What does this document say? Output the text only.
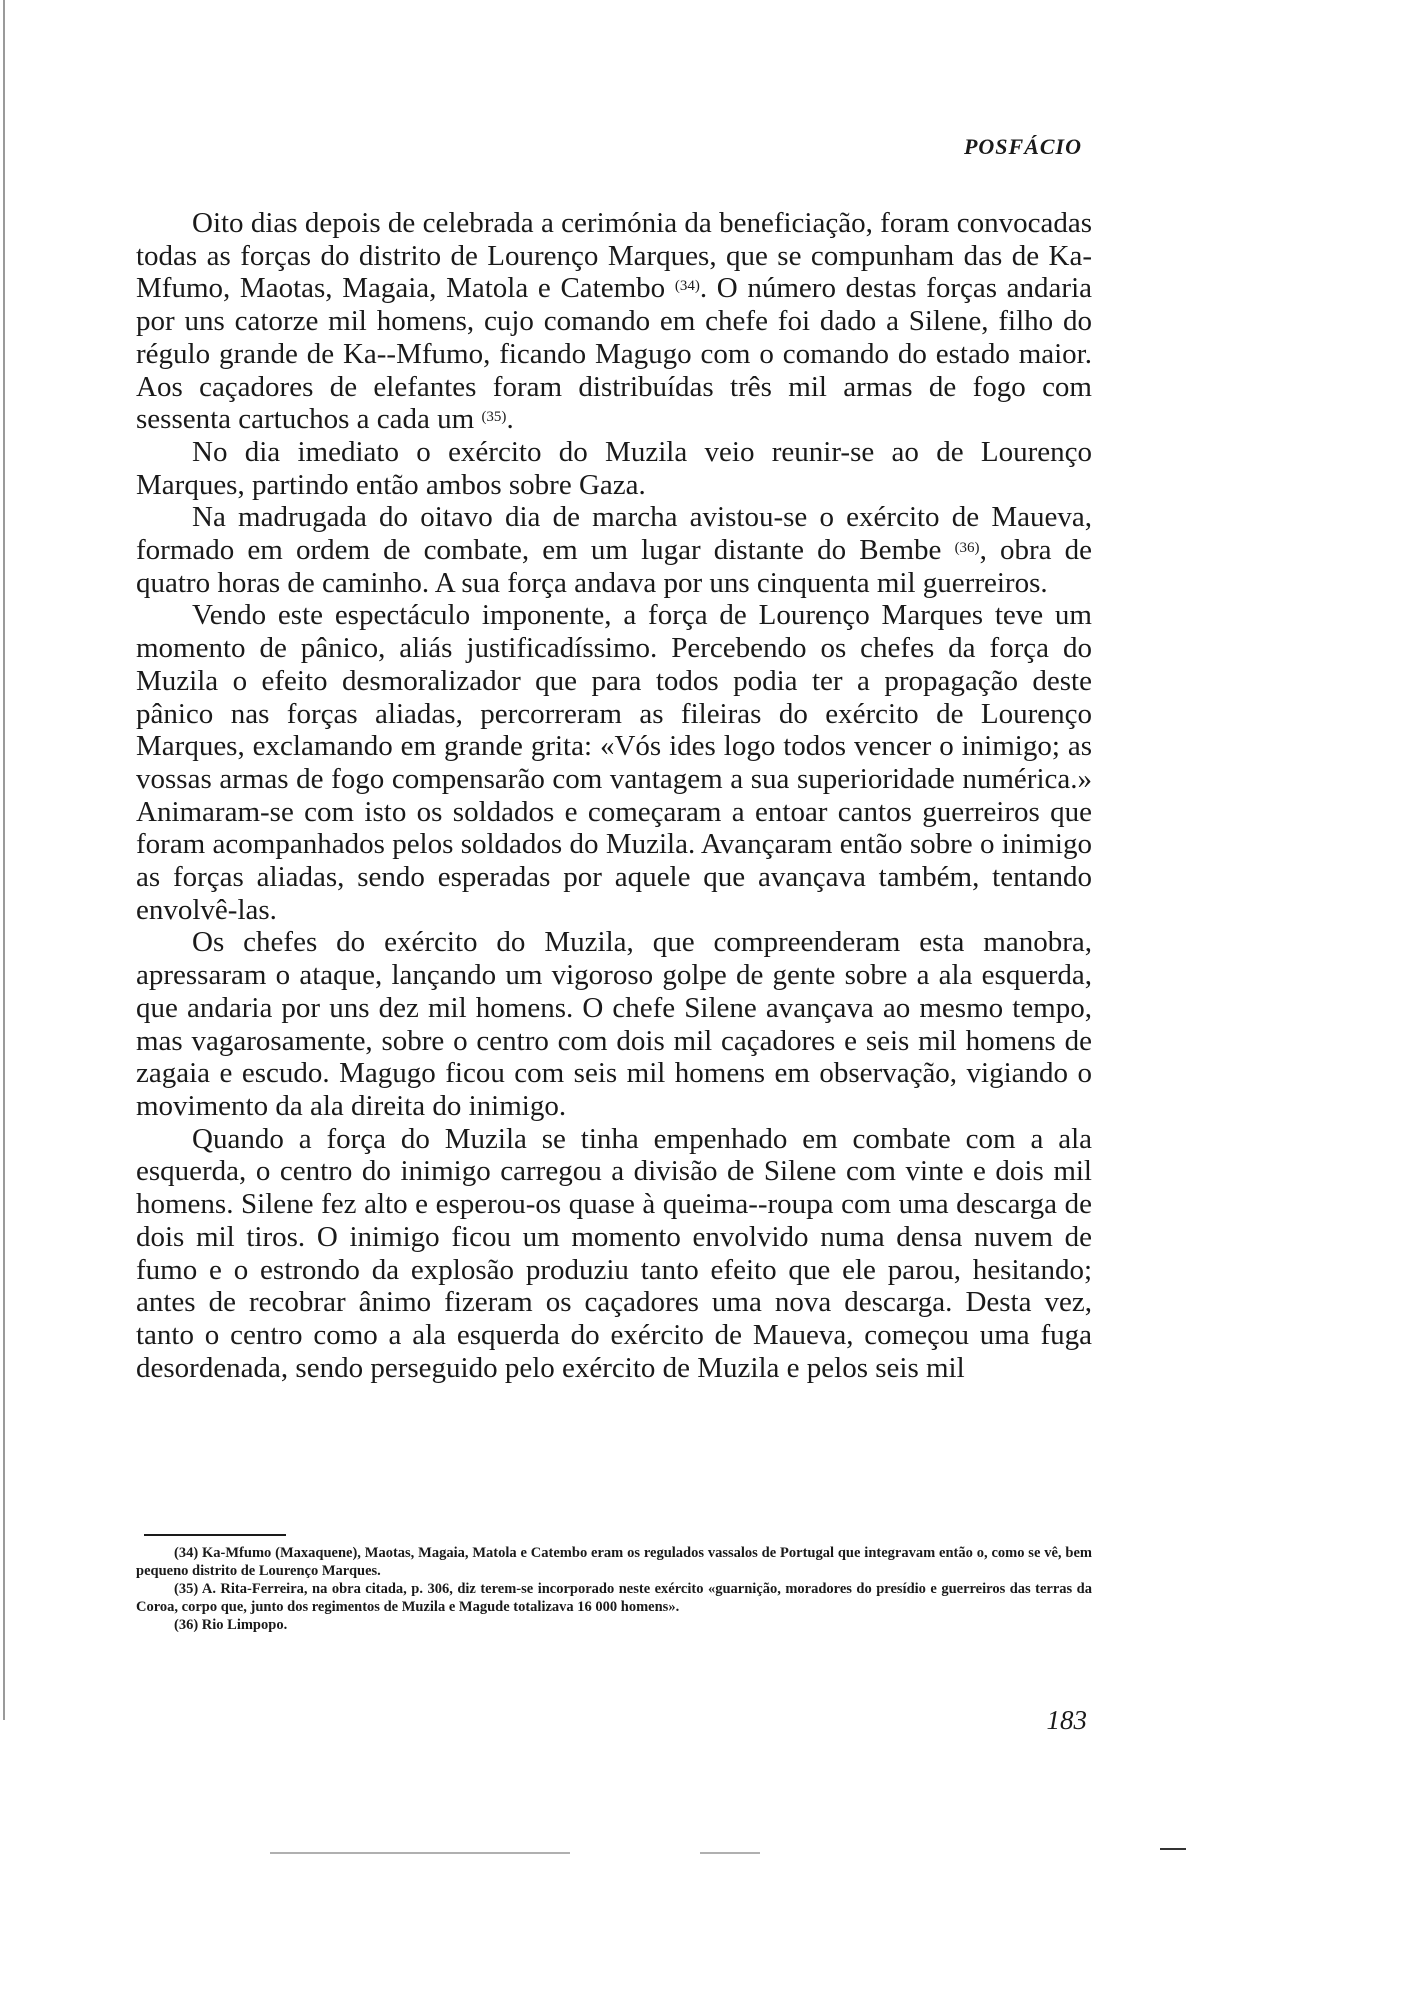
POSFÁCIO

Oito dias depois de celebrada a cerimónia da beneficiação, foram convocadas todas as forças do distrito de Lourenço Marques, que se compunham das de Ka-Mfumo, Maotas, Magaia, Matola e Catembo $^{(34)}$. O número destas forças andaria por uns catorze mil homens, cujo comando em chefe foi dado a Silene, filho do régulo grande de Ka--Mfumo, ficando Magugo com o comando do estado maior. Aos caçadores de elefantes foram distribuídas três mil armas de fogo com sessenta cartuchos a cada um $^{(35)}$.

No dia imediato o exército do Muzila veio reunir-se ao de Lourenço Marques, partindo então ambos sobre Gaza.

Na madrugada do oitavo dia de marcha avistou-se o exército de Maueva, formado em ordem de combate, em um lugar distante do Bembe $^{(36)}$, obra de quatro horas de caminho. A sua força andava por uns cinquenta mil guerreiros.

Vendo este espectáculo imponente, a força de Lourenço Marques teve um momento de pânico, aliás justificadíssimo. Percebendo os chefes da força do Muzila o efeito desmoralizador que para todos podia ter a propagação deste pânico nas forças aliadas, percorreram as fileiras do exército de Lourenço Marques, exclamando em grande grita: «Vós ides logo todos vencer o inimigo; as vossas armas de fogo compensarão com vantagem a sua superioridade numérica.» Animaram-se com isto os soldados e começaram a entoar cantos guerreiros que foram acompanhados pelos soldados do Muzila. Avançaram então sobre o inimigo as forças aliadas, sendo esperadas por aquele que avançava também, tentando envolvê-las.

Os chefes do exército do Muzila, que compreenderam esta manobra, apressaram o ataque, lançando um vigoroso golpe de gente sobre a ala esquerda, que andaria por uns dez mil homens. O chefe Silene avançava ao mesmo tempo, mas vagarosamente, sobre o centro com dois mil caçadores e seis mil homens de zagaia e escudo. Magugo ficou com seis mil homens em observação, vigiando o movimento da ala direita do inimigo.

Quando a força do Muzila se tinha empenhado em combate com a ala esquerda, o centro do inimigo carregou a divisão de Silene com vinte e dois mil homens. Silene fez alto e esperou-os quase à queima--roupa com uma descarga de dois mil tiros. O inimigo ficou um momento envolvido numa densa nuvem de fumo e o estrondo da explosão produziu tanto efeito que ele parou, hesitando; antes de recobrar ânimo fizeram os caçadores uma nova descarga. Desta vez, tanto o centro como a ala esquerda do exército de Maueva, começou uma fuga desordenada, sendo perseguido pelo exército de Muzila e pelos seis mil

(34) Ka-Mfumo (Maxaquene), Maotas, Magaia, Matola e Catembo eram os regulados vassalos de Portugal que integravam então o, como se vê, bem pequeno distrito de Lourenço Marques.

(35) A. Rita-Ferreira, na obra citada, p. 306, diz terem-se incorporado neste exército «guarnição, moradores do presídio e guerreiros das terras da Coroa, corpo que, junto dos regimentos de Muzila e Magude totalizava 16 000 homens».

(36) Rio Limpopo.

183
